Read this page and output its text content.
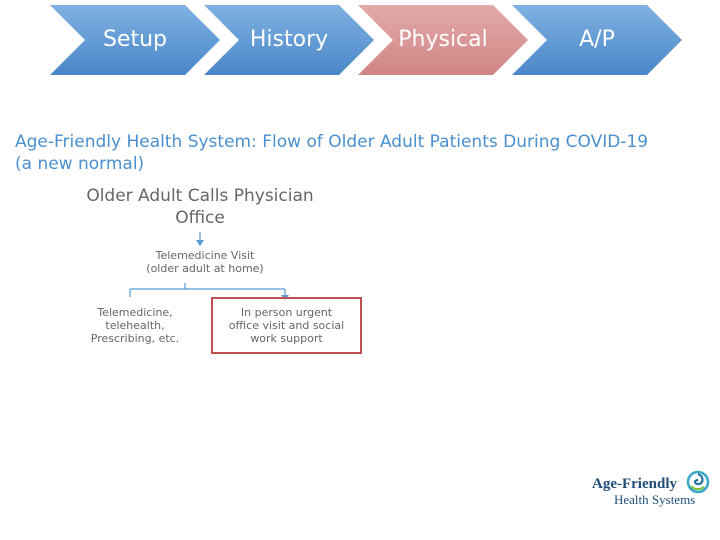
Setup	History	Physical	A/P
Age-Friendly Health System: Flow of Older Adult Patients During COVID-19
(a new normal)
Older Adult Calls Physician
Office
Telemedicine Visit
(older adult at home)
Telemedicine,
telehealth,
Prescribing, etc.
In person urgent
office visit and social
work support
Age-Friendly
Health Systems
